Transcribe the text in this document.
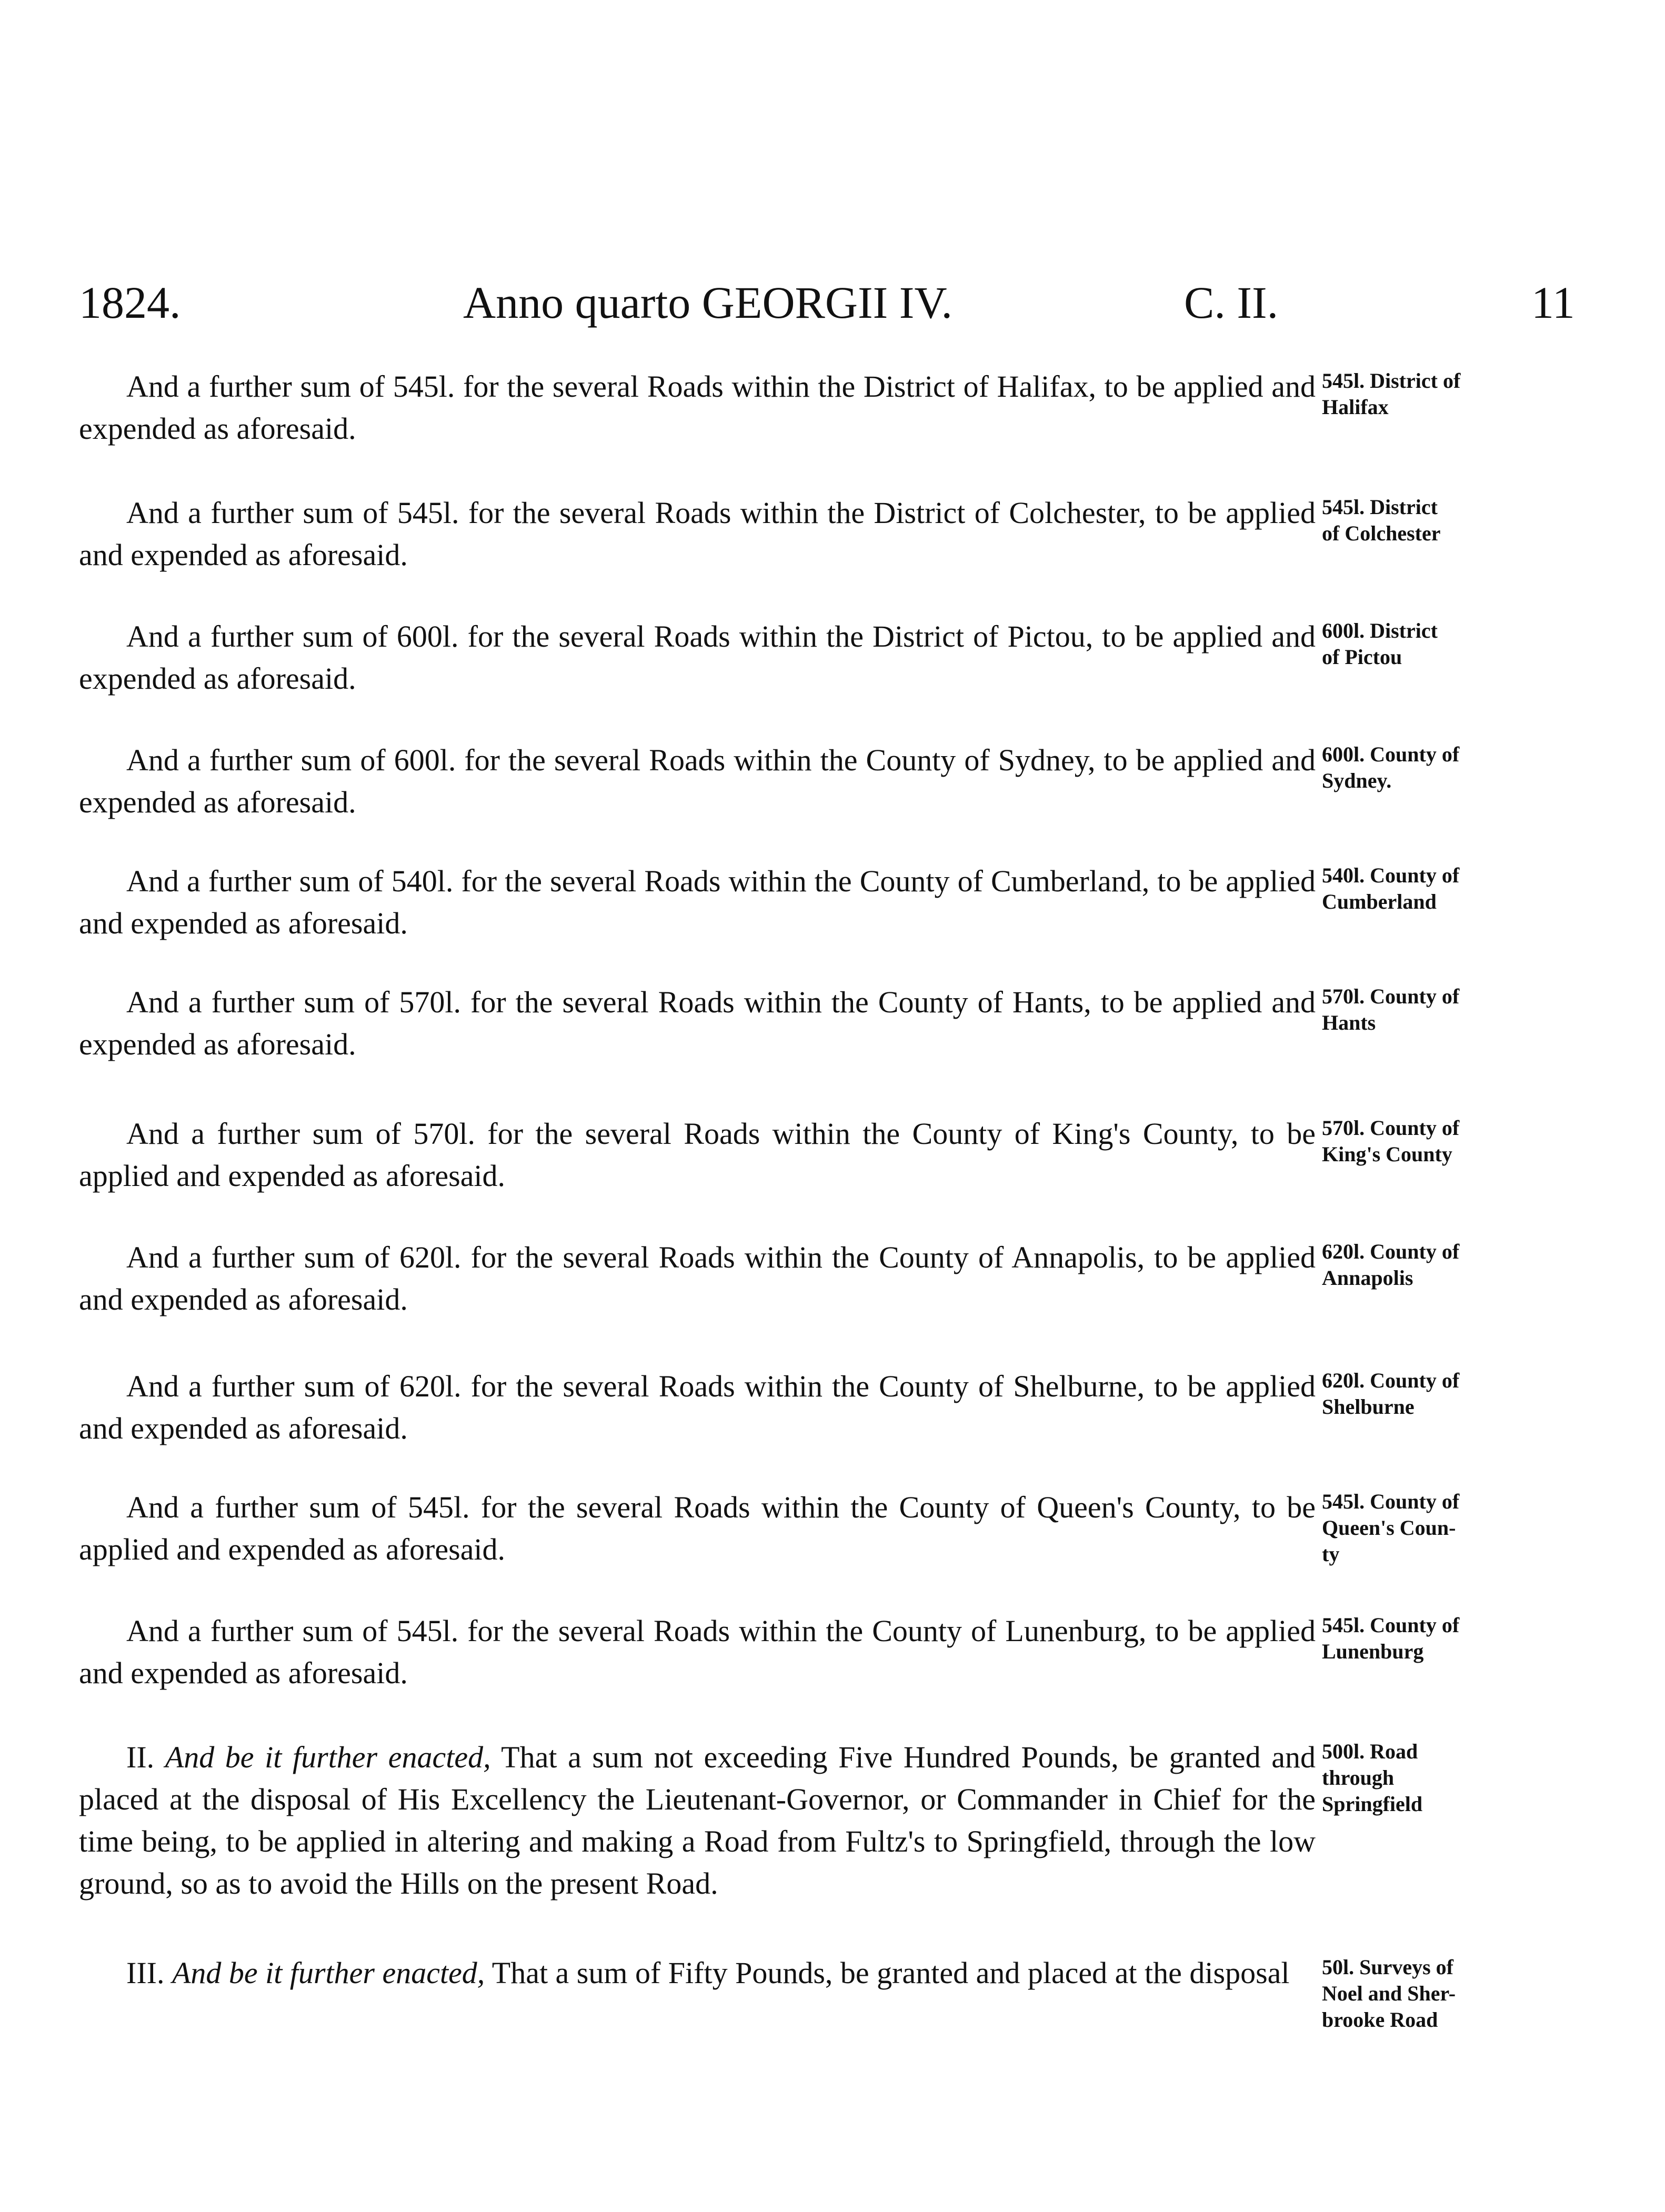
1824.	Anno quarto GEORGII IV.	C. II.	11

And a further sum of 545l. for the several Roads within the District of Halifax, to be applied and expended as aforesaid.

545l. District of
Halifax

And a further sum of 545l. for the several Roads within the District of Colchester, to be applied and expended as aforesaid.

545l. District
of Colchester

And a further sum of 600l. for the several Roads within the District of Pictou, to be applied and expended as aforesaid.

600l. District
of Pictou

And a further sum of 600l. for the several Roads within the County of Sydney, to be applied and expended as aforesaid.

600l. County of
Sydney.

And a further sum of 540l. for the several Roads within the County of Cumberland, to be applied and expended as aforesaid.

540l. County of
Cumberland

And a further sum of 570l. for the several Roads within the County of Hants, to be applied and expended as aforesaid.

570l. County of
Hants

And a further sum of 570l. for the several Roads within the County of King's County, to be applied and expended as aforesaid.

570l. County of
King's County

And a further sum of 620l. for the several Roads within the County of Annapolis, to be applied and expended as aforesaid.

620l. County of
Annapolis

And a further sum of 620l. for the several Roads within the County of Shelburne, to be applied and expended as aforesaid.

620l. County of
Shelburne

And a further sum of 545l. for the several Roads within the County of Queen's County, to be applied and expended as aforesaid.

545l. County of
Queen's Coun-
ty

And a further sum of 545l. for the several Roads within the County of Lunenburg, to be applied and expended as aforesaid.

545l. County of
Lunenburg

II. And be it further enacted, That a sum not exceeding Five Hundred Pounds, be granted and placed at the disposal of His Excellency the Lieutenant-Governor, or Commander in Chief for the time being, to be applied in altering and making a Road from Fultz's to Springfield, through the low ground, so as to avoid the Hills on the present Road.

500l. Road
through
Springfield

III. And be it further enacted, That a sum of Fifty Pounds, be granted and placed at the disposal	50l. Surveys of
Noel and Sher-
brooke Road
